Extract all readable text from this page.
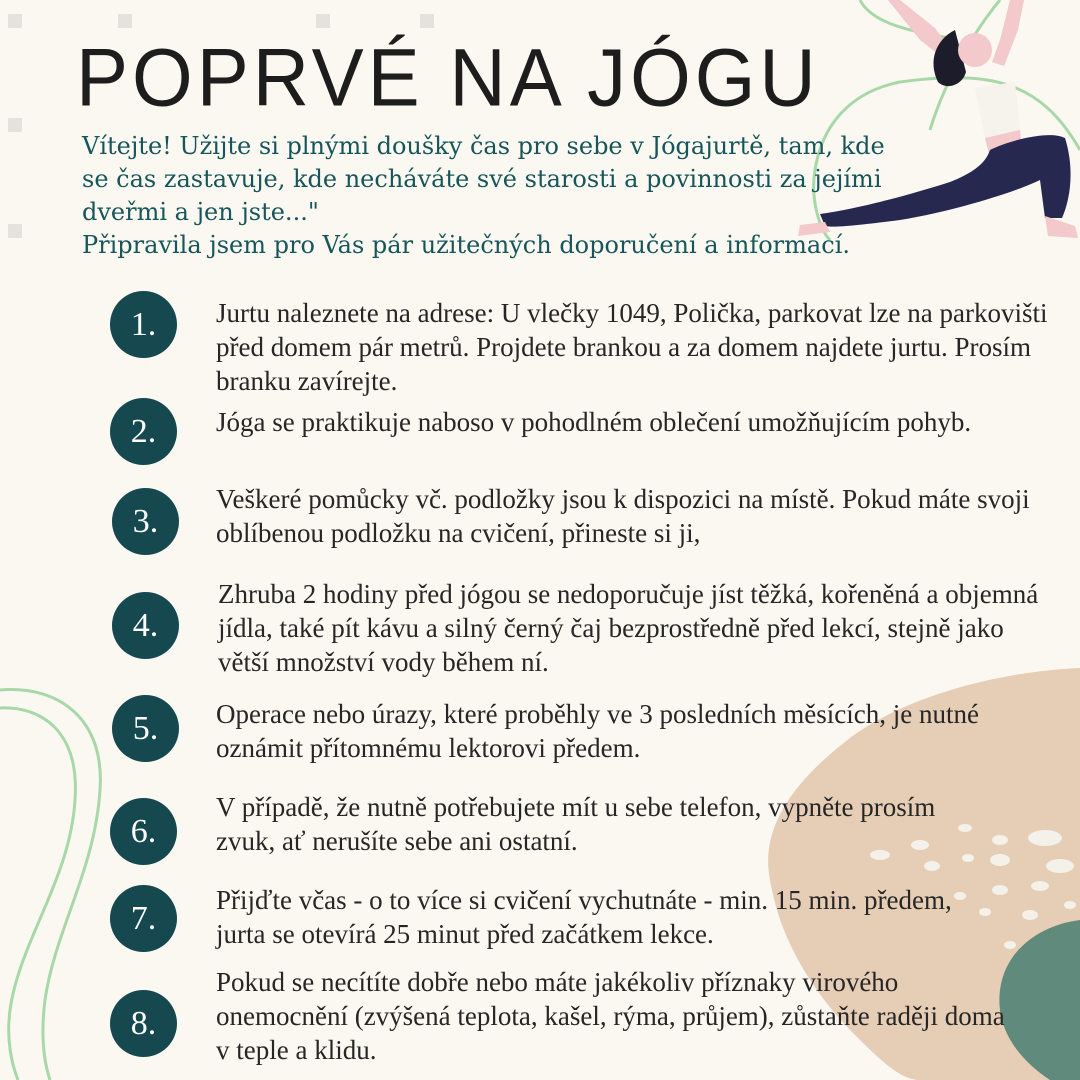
POPRVÉ NA JÓGU

Vítejte! Užijte si plnými doušky čas pro sebe v Jógajurtě, tam, kde

se čas zastavuje, kde necháváte své starosti a povinnosti za jejími

dveřmi a jen jste..."

Připravila jsem pro Vás pár užitečných doporučení a informací.

1.	Jurtu naleznete na adrese: U vlečky 1049, Polička, parkovat lze na parkovišti před domem pár metrů. Projdete brankou a za domem najdete jurtu. Prosím branku zavírejte.
2.	Jóga se praktikuje naboso v pohodlném oblečení umožňujícím pohyb.
3.
Veškeré pomůcky vč. podložky jsou k dispozici na místě. Pokud máte svoji oblíbenou podložku na cvičení, přineste si ji,
4.
Zhruba 2 hodiny před jógou se nedoporučuje jíst těžká, kořeněná a objemná jídla, také pít kávu a silný černý čaj bezprostředně před lekcí, stejně jako větší množství vody během ní.
5.	Operace nebo úrazy, které proběhly ve 3 posledních měsících, je nutné oznámit přítomnému lektorovi předem.
6.
V případě, že nutně potřebujete mít u sebe telefon, vypněte prosím zvuk, ať nerušíte sebe ani ostatní.
7.	Přijďte včas - o to více si cvičení vychutnáte - min. 15 min. předem, jurta se otevírá 25 minut před začátkem lekce.
8.
Pokud se necítíte dobře nebo máte jakékoliv příznaky virového onemocnění (zvýšená teplota, kašel, rýma, průjem), zůstaňte raději doma v teple a klidu.
